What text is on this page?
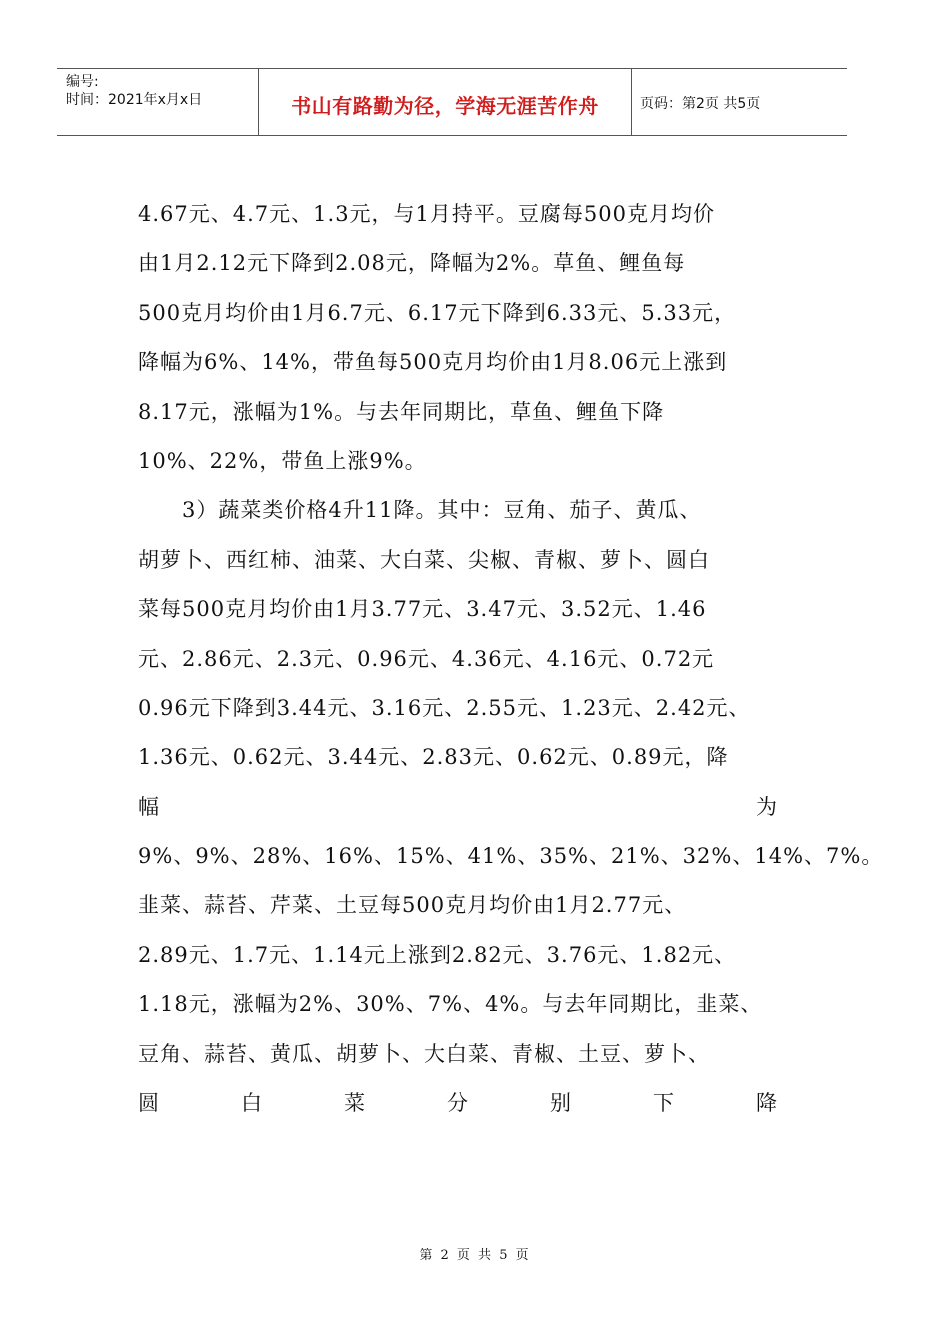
编号:
时间：2021年x月x日	书山有路勤为径，学海无涯苦作舟	页码：第2页 共5页
4.67元、4.7元、1.3元，与1月持平。豆腐每500克月均价
由1月2.12元下降到2.08元，降幅为2%。草鱼、鲤鱼每
500克月均价由1月6.7元、6.17元下降到6.33元、5.33元，
降幅为6%、14%，带鱼每500克月均价由1月8.06元上涨到
8.17元，涨幅为1%。与去年同期比，草鱼、鲤鱼下降
10%、22%，带鱼上涨9%。
3）蔬菜类价格4升11降。其中：豆角、茄子、黄瓜、
胡萝卜、西红柿、油菜、大白菜、尖椒、青椒、萝卜、圆白
菜每500克月均价由1月3.77元、3.47元、3.52元、1.46
元、2.86元、2.3元、0.96元、4.36元、4.16元、0.72元
0.96元下降到3.44元、3.16元、2.55元、1.23元、2.42元、
1.36元、0.62元、3.44元、2.83元、0.62元、0.89元，降
幅为
9%、9%、28%、16%、15%、41%、35%、21%、32%、14%、7%。
韭菜、蒜苔、芹菜、土豆每500克月均价由1月2.77元、
2.89元、1.7元、1.14元上涨到2.82元、3.76元、1.82元、
1.18元，涨幅为2%、30%、7%、4%。与去年同期比，韭菜、
豆角、蒜苔、黄瓜、胡萝卜、大白菜、青椒、土豆、萝卜、
圆白菜分别下降
第 2 页 共 5 页
